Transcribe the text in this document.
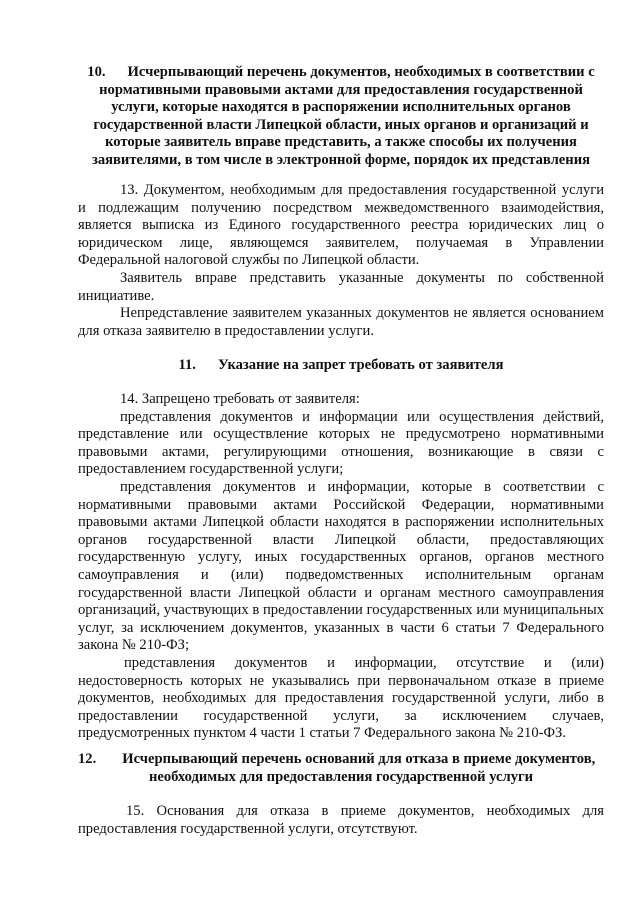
10. Исчерпывающий перечень документов, необходимых в соответствии с

нормативными правовыми актами для предоставления государственной услуги, которые находятся в распоряжении исполнительных органов государственной власти Липецкой области, иных органов и организаций и которые заявитель вправе представить, а также способы их получения заявителями, в том числе в электронной форме, порядок их представления

13. Документом, необходимым для предоставления государственной услуги и подлежащим получению посредством межведомственного взаимодействия, является выписка из Единого государственного реестра юридических лиц о юридическом лице, являющемся заявителем, получаемая в Управлении Федеральной налоговой службы по Липецкой области.

Заявитель вправе представить указанные документы по собственной инициативе.

Непредставление заявителем указанных документов не является основанием для отказа заявителю в предоставлении услуги.

11. Указание на запрет требовать от заявителя

14. Запрещено требовать от заявителя:

представления документов и информации или осуществления действий, представление или осуществление которых не предусмотрено нормативными правовыми актами, регулирующими отношения, возникающие в связи с предоставлением государственной услуги;

представления документов и информации, которые в соответствии с нормативными правовыми актами Российской Федерации, нормативными правовыми актами Липецкой области находятся в распоряжении исполнительных органов государственной власти Липецкой области, предоставляющих государственную услугу, иных государственных органов, органов местного самоуправления и (или) подведомственных исполнительным органам государственной власти Липецкой области и органам местного самоуправления организаций, участвующих в предоставлении государственных или муниципальных услуг, за исключением документов, указанных в части 6 статьи 7 Федерального закона № 210-ФЗ;

представления документов и информации, отсутствие и (или) недостоверность которых не указывались при первоначальном отказе в приеме документов, необходимых для предоставления государственной услуги, либо в предоставлении государственной услуги, за исключением случаев, предусмотренных пунктом 4 части 1 статьи 7 Федерального закона № 210-ФЗ.

12. Исчерпывающий перечень оснований для отказа в приеме документов,

необходимых для предоставления государственной услуги

15. Основания для отказа в приеме документов, необходимых для предоставления государственной услуги, отсутствуют.
